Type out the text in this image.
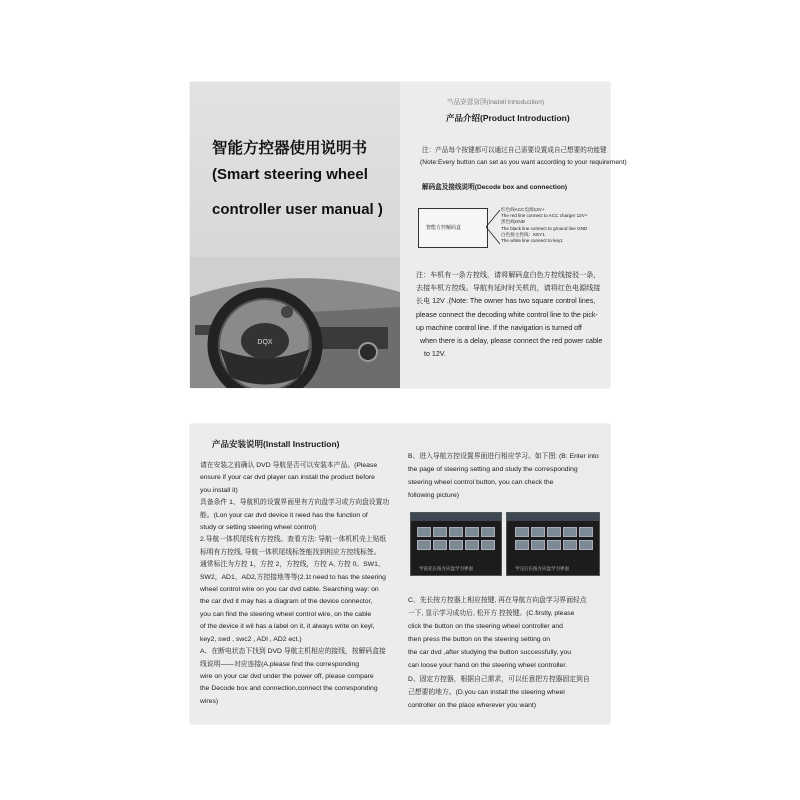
智能方控器使用说明书
(Smart steering wheel
controller user manual )
DQX
(noitcubortnl lletanl)明说装安品产
产品介绍(Product Introduction)
注：产品每个按键都可以通过自己需要设置成自己想要的功能键
(Note:Every button can set as you want according to your requirement)
解码盒及接线说明(Decode box and connection)
智能方控解码盒
红色线ACC电源12V+
The red line connect to ACC charger 12V+
黑色线GND
The black line connect to ground line GND
白色接主控线：KEY1
The white line connect to key1
注：车机有一条方控线，请将解码盒白色方控线接驳一条，
去接车机方控线。导航有延时时关机的，请将红色电源线接
长电 12V .(Note: The owner has two square control lines,
please connect the decoding white control line to the pick-
up machine control line. If the navigation is turned off
when there is a delay, please connect the red power cable
to 12V.
产品安装说明(Install Instruction)
请在安装之前确认 DVD 导航是否可以安装本产品。(Please
ensure if your car dvd player can install the product before
you install it)
具备条件 1、导航机的设置界面里有方向盘学习或方向盘设置功
能。(Lon your car dvd device it need has the function of
study or setting steering wheel control)
2.导航一体机尾线有方控线。查看方法: 导航一体机机壳上贴纸
标明有方控线, 导航一体机尾线标签能找到相应方控线标签。
通常标注为方控 1，方控 2，方控线，方控 A, 方控 0。SW1、
SW2，AD1、AD2,方控接地等等(2.1t need to has the steering
wheel control wire on you car dvd cable. Searching way: on
the car dvd it may has a diagram of the device connector,
you can find the steering wheel control wire, on the cable
of the device it wil has a label on it, it always write on keyl,
key2, swd , swc2 , ADI , AD2 ect.)
A、在断电状态下找到 DVD 导航主机相应的接线，按解码盒接
线说明——对应连接(A.please find the corresponding
wire on your car dvd under the power off, please compare
the Decode box and connection,connect the corresponding
wires)
B、进入导航方控设置界面进行相应学习。如下图: (B: Enter into
the page of steering setting and study the corresponding
steering wheel control button, you can check the
following picture)
学前先长按方向盘学习界面	学完后长按方向盘学习界面
C、先长按方控器上相应按键, 再在导航方向盘学习界面轻点
一下, 显示学习成功后, 松开方 控按键。(C.firstly, please
click the button on the steering wheel controller and
then press the button on the steering setting on
the car dvd ,after studying the button successfully, you
can loose your hand on the steering wheel controller.
D、固定方控器，根据自己需求，可以任意把方控器固定到自
己想要的地方。(D.you can install the steering wheel
controller on the place wherever you want)
